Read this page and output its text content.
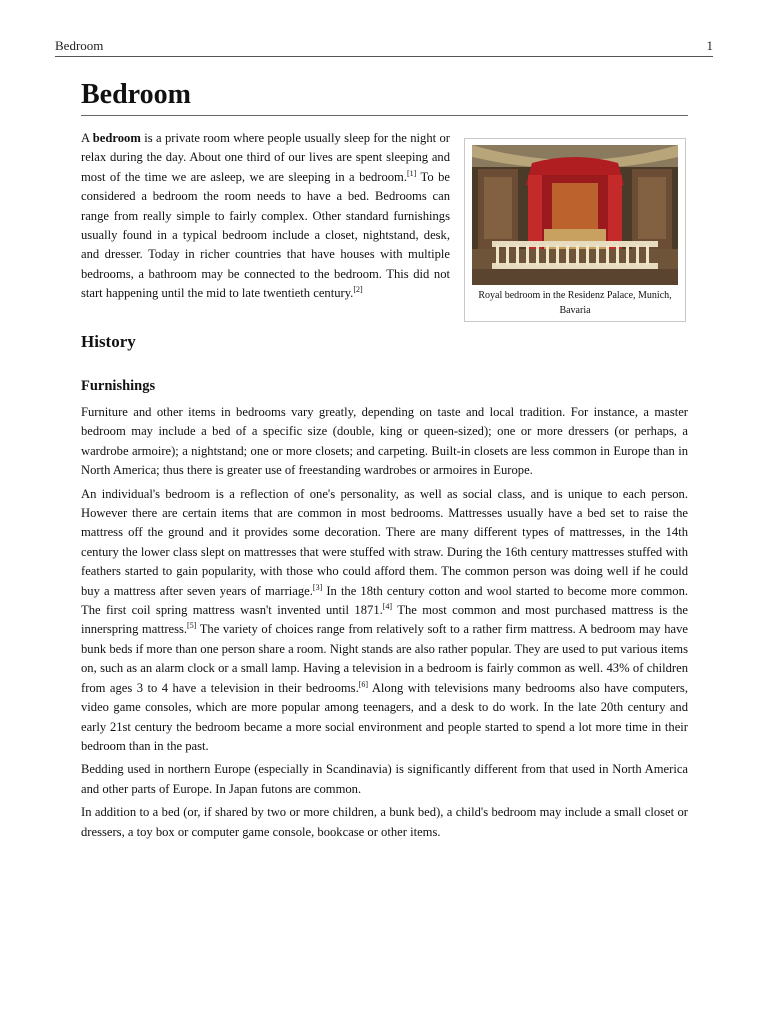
Bedroom	1
Bedroom

A bedroom is a private room where people usually sleep for the night or relax during the day. About one third of our lives are spent sleeping and most of the time we are asleep, we are sleeping in a bedroom.[1] To be considered a bedroom the room needs to have a bed. Bedrooms can range from really simple to fairly complex. Other standard furnishings usually found in a typical bedroom include a closet, nightstand, desk, and dresser. Today in richer countries that have houses with multiple bedrooms, a bathroom may be connected to the bedroom. This did not start happening until the mid to late twentieth century.[2]

Royal bedroom in the Residenz Palace, Munich, Bavaria
History
Furnishings

Furniture and other items in bedrooms vary greatly, depending on taste and local tradition. For instance, a master bedroom may include a bed of a specific size (double, king or queen-sized); one or more dressers (or perhaps, a wardrobe armoire); a nightstand; one or more closets; and carpeting. Built-in closets are less common in Europe than in North America; thus there is greater use of freestanding wardrobes or armoires in Europe.

An individual's bedroom is a reflection of one's personality, as well as social class, and is unique to each person. However there are certain items that are common in most bedrooms. Mattresses usually have a bed set to raise the mattress off the ground and it provides some decoration. There are many different types of mattresses, in the 14th century the lower class slept on mattresses that were stuffed with straw. During the 16th century mattresses stuffed with feathers started to gain popularity, with those who could afford them. The common person was doing well if he could buy a mattress after seven years of marriage.[3] In the 18th century cotton and wool started to become more common. The first coil spring mattress wasn't invented until 1871.[4] The most common and most purchased mattress is the innerspring mattress.[5] The variety of choices range from relatively soft to a rather firm mattress. A bedroom may have bunk beds if more than one person share a room. Night stands are also rather popular. They are used to put various items on, such as an alarm clock or a small lamp. Having a television in a bedroom is fairly common as well. 43% of children from ages 3 to 4 have a television in their bedrooms.[6] Along with televisions many bedrooms also have computers, video game consoles, which are more popular among teenagers, and a desk to do work. In the late 20th century and early 21st century the bedroom became a more social environment and people started to spend a lot more time in their bedroom than in the past.

Bedding used in northern Europe (especially in Scandinavia) is significantly different from that used in North America and other parts of Europe. In Japan futons are common.

In addition to a bed (or, if shared by two or more children, a bunk bed), a child's bedroom may include a small closet or dressers, a toy box or computer game console, bookcase or other items.
